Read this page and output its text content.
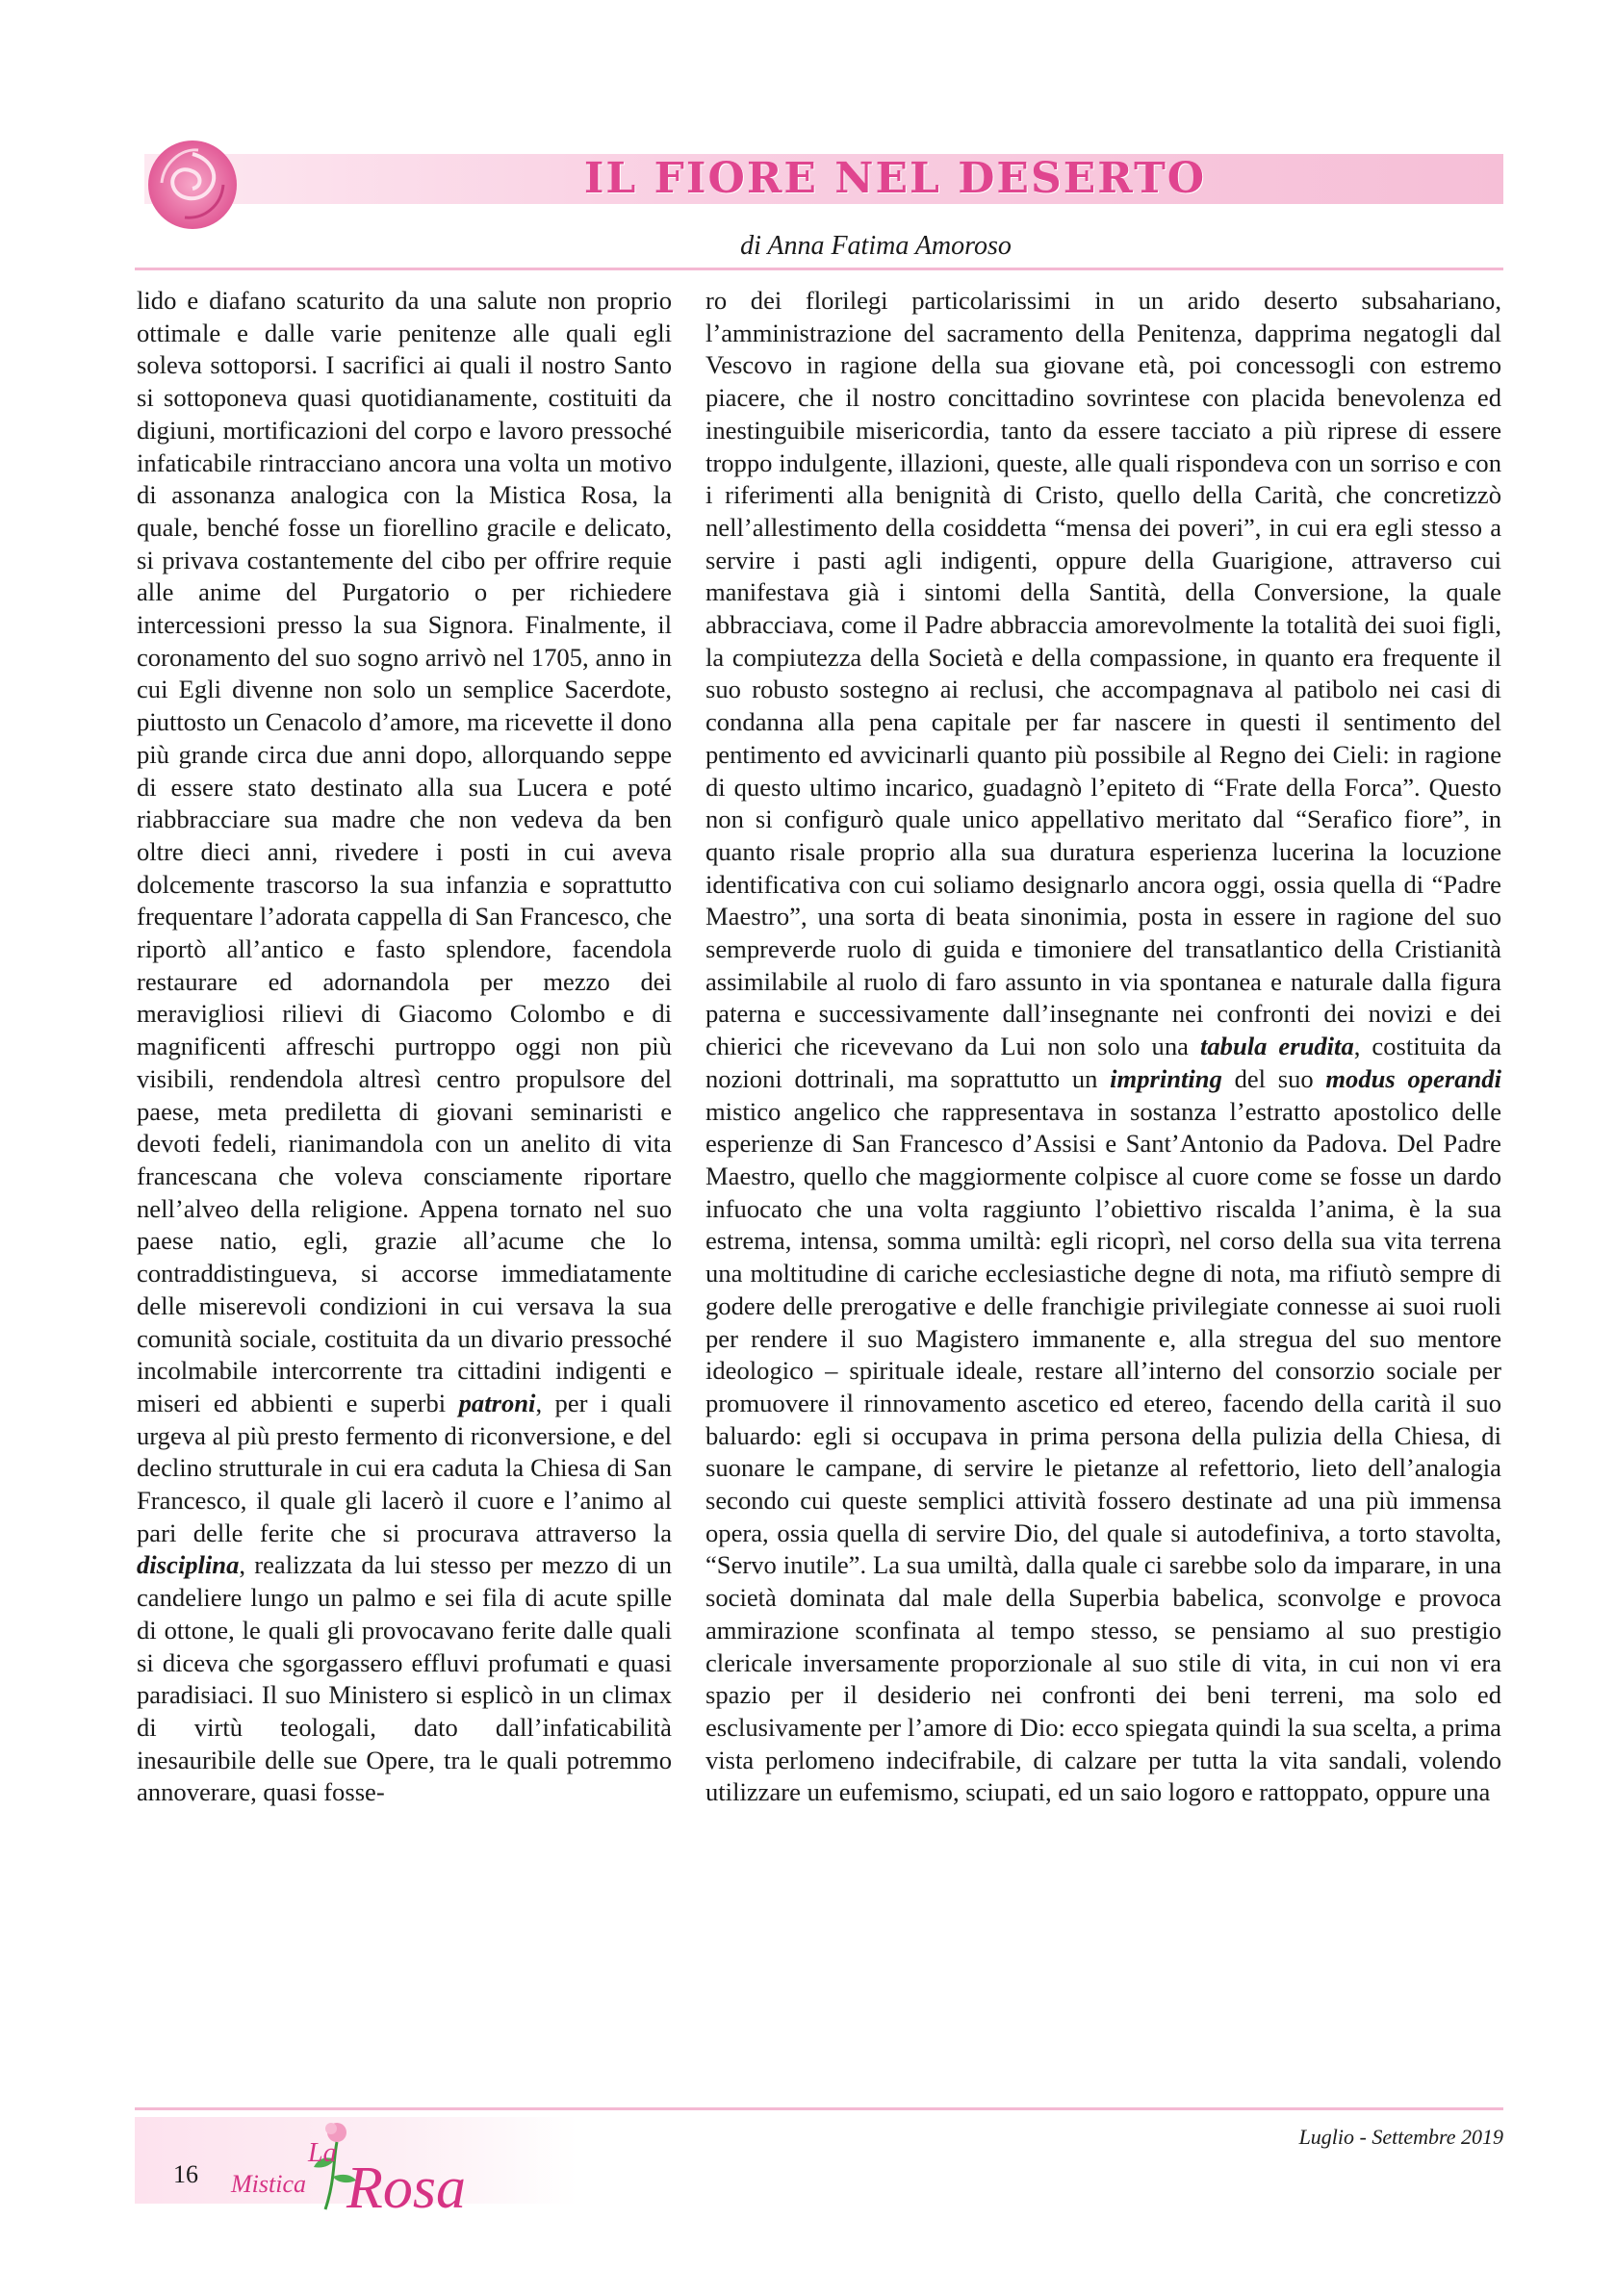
IL FIORE NEL DESERTO
di Anna Fatima Amoroso

lido e diafano scaturito da una salute non proprio ottimale e dalle varie penitenze alle quali egli soleva sottoporsi. I sacrifici ai quali il nostro Santo si sottoponeva quasi quotidianamente, costituiti da digiuni, mortificazioni del corpo e lavoro pressoché infaticabile rintracciano ancora una volta un motivo di assonanza analogica con la Mistica Rosa, la quale, benché fosse un fiorellino gracile e delicato, si privava costantemente del cibo per offrire requie alle anime del Purgatorio o per richiedere intercessioni presso la sua Signora. Finalmente, il coronamento del suo sogno arrivò nel 1705, anno in cui Egli divenne non solo un semplice Sacerdote, piuttosto un Cenacolo d’amore, ma ricevette il dono più grande circa due anni dopo, allorquando seppe di essere stato destinato alla sua Lucera e poté riabbracciare sua madre che non vedeva da ben oltre dieci anni, rivedere i posti in cui aveva dolcemente trascorso la sua infanzia e soprattutto frequentare l’adorata cappella di San Francesco, che riportò all’antico e fasto splendore, facendola restaurare ed adornandola per mezzo dei meravigliosi rilievi di Giacomo Colombo e di magnificenti affreschi purtroppo oggi non più visibili, rendendola altresì centro propulsore del paese, meta prediletta di giovani seminaristi e devoti fedeli, rianimandola con un anelito di vita francescana che voleva consciamente riportare nell’alveo della religione. Appena tornato nel suo paese natio, egli, grazie all’acume che lo contraddistingueva, si accorse immediatamente delle miserevoli condizioni in cui versava la sua comunità sociale, costituita da un divario pressoché incolmabile intercorrente tra cittadini indigenti e miseri ed abbienti e superbi patroni, per i quali urgeva al più presto fermento di riconversione, e del declino strutturale in cui era caduta la Chiesa di San Francesco, il quale gli lacerò il cuore e l’animo al pari delle ferite che si procurava attraverso la disciplina, realizzata da lui stesso per mezzo di un candeliere lungo un palmo e sei fila di acute spille di ottone, le quali gli provocavano ferite dalle quali si diceva che sgorgassero effluvi profumati e quasi paradisiaci. Il suo Ministero si esplicò in un climax di virtù teologali, dato dall’infaticabilità inesauribile delle sue Opere, tra le quali potremmo annoverare, quasi fosse-

ro dei florilegi particolarissimi in un arido deserto subsahariano, l’amministrazione del sacramento della Penitenza, dapprima negatogli dal Vescovo in ragione della sua giovane età, poi concessogli con estremo piacere, che il nostro concittadino sovrintese con placida benevolenza ed inestinguibile misericordia, tanto da essere tacciato a più riprese di essere troppo indulgente, illazioni, queste, alle quali rispondeva con un sorriso e con i riferimenti alla benignità di Cristo, quello della Carità, che concretizzò nell’allestimento della cosiddetta “mensa dei poveri”, in cui era egli stesso a servire i pasti agli indigenti, oppure della Guarigione, attraverso cui manifestava già i sintomi della Santità, della Conversione, la quale abbracciava, come il Padre abbraccia amorevolmente la totalità dei suoi figli, la compiutezza della Società e della compassione, in quanto era frequente il suo robusto sostegno ai reclusi, che accompagnava al patibolo nei casi di condanna alla pena capitale per far nascere in questi il sentimento del pentimento ed avvicinarli quanto più possibile al Regno dei Cieli: in ragione di questo ultimo incarico, guadagnò l’epiteto di “Frate della Forca”. Questo non si configurò quale unico appellativo meritato dal “Serafico fiore”, in quanto risale proprio alla sua duratura esperienza lucerina la locuzione identificativa con cui soliamo designarlo ancora oggi, ossia quella di “Padre Maestro”, una sorta di beata sinonimia, posta in essere in ragione del suo sempreverde ruolo di guida e timoniere del transatlantico della Cristianità assimilabile al ruolo di faro assunto in via spontanea e naturale dalla figura paterna e successivamente dall’insegnante nei confronti dei novizi e dei chierici che ricevevano da Lui non solo una tabula erudita, costituita da nozioni dottrinali, ma soprattutto un imprinting del suo modus operandi mistico angelico che rappresentava in sostanza l’estratto apostolico delle esperienze di San Francesco d’Assisi e Sant’Antonio da Padova. Del Padre Maestro, quello che maggiormente colpisce al cuore come se fosse un dardo infuocato che una volta raggiunto l’obiettivo riscalda l’anima, è la sua estrema, intensa, somma umiltà: egli ricoprì, nel corso della sua vita terrena una moltitudine di cariche ecclesiastiche degne di nota, ma rifiutò sempre di godere delle prerogative e delle franchigie privilegiate connesse ai suoi ruoli per rendere il suo Magistero immanente e, alla stregua del suo mentore ideologico – spirituale ideale, restare all’interno del consorzio sociale per promuovere il rinnovamento ascetico ed etereo, facendo della carità il suo baluardo: egli si occupava in prima persona della pulizia della Chiesa, di suonare le campane, di servire le pietanze al refettorio, lieto dell’analogia secondo cui queste semplici attività fossero destinate ad una più immensa opera, ossia quella di servire Dio, del quale si autodefiniva, a torto stavolta, “Servo inutile”. La sua umiltà, dalla quale ci sarebbe solo da imparare, in una società dominata dal male della Superbia babelica, sconvolge e provoca ammirazione sconfinata al tempo stesso, se pensiamo al suo prestigio clericale inversamente proporzionale al suo stile di vita, in cui non vi era spazio per il desiderio nei confronti dei beni terreni, ma solo ed esclusivamente per l’amore di Dio: ecco spiegata quindi la sua scelta, a prima vista perlomeno indecifrabile, di calzare per tutta la vita sandali, volendo utilizzare un eufemismo, sciupati, ed un saio logoro e rattoppato, oppure una

16
La
Mistica Rosa
Luglio - Settembre 2019
